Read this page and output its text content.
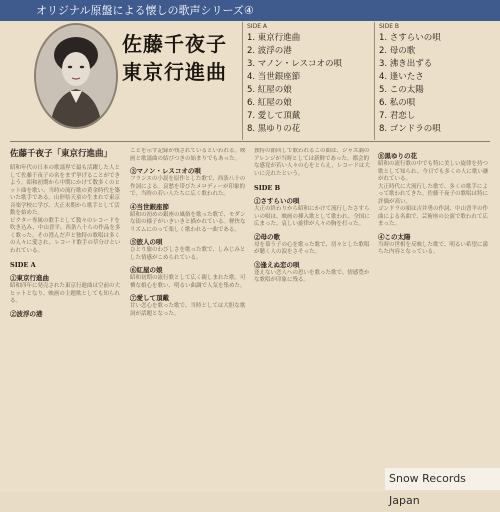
オリジナル原盤による懐しの歌声シリーズ④
佐藤千夜子
東京行進曲
SIDE A
1. 東京行進曲
2. 波浮の港
3. マノン・レスコオの唄
4. 当世銀座節
5. 紅屋の娘
6. 紅屋の娘
7. 愛して頂戴
8. 黒ゆりの花
SIDE B
1. さすらいの唄
2. 母の歌
3. 沸き出ずる
4. 逢いたさ
5. この太陽
6. 私の唄
7. 君恋し
8. ゴンドラの唄
佐藤千夜子「東京行進曲」
昭和年代の日本の歌謡界で最も活躍した人として佐藤千夜子の名をまず挙げることができよう。昭和初期から中期にかけて数多くのヒット曲を歌い、当時の流行歌の黄金時代を築いた歌手である。山形県天童の生まれで東京音楽学校に学び、大正末期から歌手として活動を始めた。
ビクター専属の歌手として数々のレコードを吹き込み、中山晋平、西条八十らの作品を多く歌った。その澄んだ声と独特の歌唱は多くの人々に愛され、レコード歌手の草分けといわれている。
SIDE A
①東京行進曲
昭和四年に発売された東京行進曲は空前の大ヒットとなり、映画の主題歌としても知られる。
②波浮の港
ことを示す記録が残されているといわれる。映画と歌謡曲の結びつきの始まりでもあった。
③マノン・レスコオの唄
フランスの小説を原作とした歌で、西条八十の作詞による。哀愁を帯びたメロディーが印象的で、当時の若い人たちに広く歌われた。
④当世銀座節
昭和の初めの銀座の風俗を歌った歌で、モダンな街の様子がいきいきと描かれている。軽快なリズムにのって楽しく歌われる一曲である。
⑤旅人の唄
ひとり旅のわびしさを歌った歌で、しみじみとした情感がこめられている。
⑥紅屋の娘
昭和初期の流行歌として広く親しまれた歌。可憐な娘心を歌い、明るい曲調で人気を集めた。
⑦愛して頂戴
甘い恋心を歌った歌で、当時としては大胆な歌詞が話題となった。
独特の節回しで歌われるこの曲は、ジャズ調のアレンジが当時としては新鮮であった。都会的な感覚が若い人々の心をとらえ、レコードは大いに売れたという。
SIDE B
①さすらいの唄
大正の終わりから昭和にかけて流行したさすらいの唄は、映画の挿入歌として歌われ、全国に広まった。哀しい旋律が人々の胸を打った。
②母の歌
母を慕う子の心を歌った歌で、切々とした歌唱が聴く人の涙をさそった。
③逢えぬ恋の唄
逢えない恋人への思いを歌った歌で、情感豊かな歌唱が印象に残る。
⑧黒ゆりの花
昭和の流行歌の中でも特に美しい旋律を持つ歌として知られ、今日でも多くの人に歌い継がれている。
大正時代に大流行した歌で、多くの歌手によって歌われてきた。佐藤千夜子の歌唱は特に評価が高い。
ゴンドラの唄は吉井勇の作詞、中山晋平の作曲による名曲で、芸術座の公演で歌われて広まった。
④この太陽
当時の世相を反映した歌で、明るい希望に満ちた内容となっている。
Snow Records Japan
